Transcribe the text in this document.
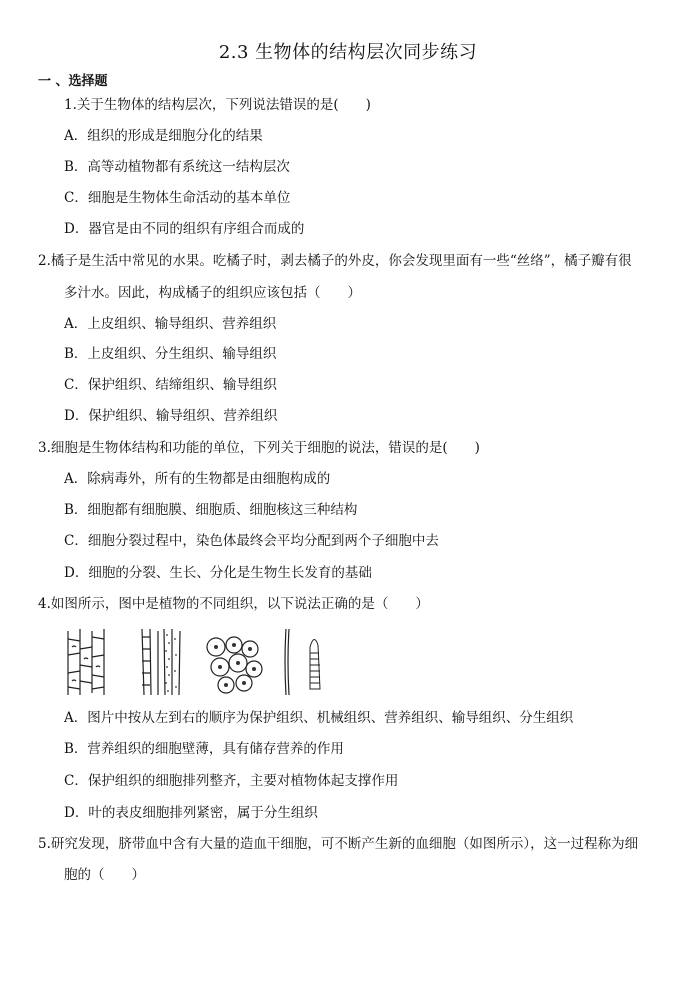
2.3 生物体的结构层次同步练习
一 、选择题
1.关于生物体的结构层次，下列说法错误的是(　　)
A．组织的形成是细胞分化的结果
B．高等动植物都有系统这一结构层次
C．细胞是生物体生命活动的基本单位
D．器官是由不同的组织有序组合而成的
2.橘子是生活中常见的水果。吃橘子时，剥去橘子的外皮，你会发现里面有一些“丝络”，橘子瓣有很
多汁水。因此，构成橘子的组织应该包括（　　）
A．上皮组织、输导组织、营养组织
B．上皮组织、分生组织、输导组织
C．保护组织、结缔组织、输导组织
D．保护组织、输导组织、营养组织
3.细胞是生物体结构和功能的单位，下列关于细胞的说法，错误的是(　　)
A．除病毒外，所有的生物都是由细胞构成的
B．细胞都有细胞膜、细胞质、细胞核这三种结构
C．细胞分裂过程中，染色体最终会平均分配到两个子细胞中去
D．细胞的分裂、生长、分化是生物生长发育的基础
4.如图所示，图中是植物的不同组织，以下说法正确的是（　　）
A．图片中按从左到右的顺序为保护组织、机械组织、营养组织、输导组织、分生组织
B．营养组织的细胞壁薄，具有储存营养的作用
C．保护组织的细胞排列整齐，主要对植物体起支撑作用
D．叶的表皮细胞排列紧密，属于分生组织
5.研究发现，脐带血中含有大量的造血干细胞，可不断产生新的血细胞（如图所示），这一过程称为细
胞的（　　）
